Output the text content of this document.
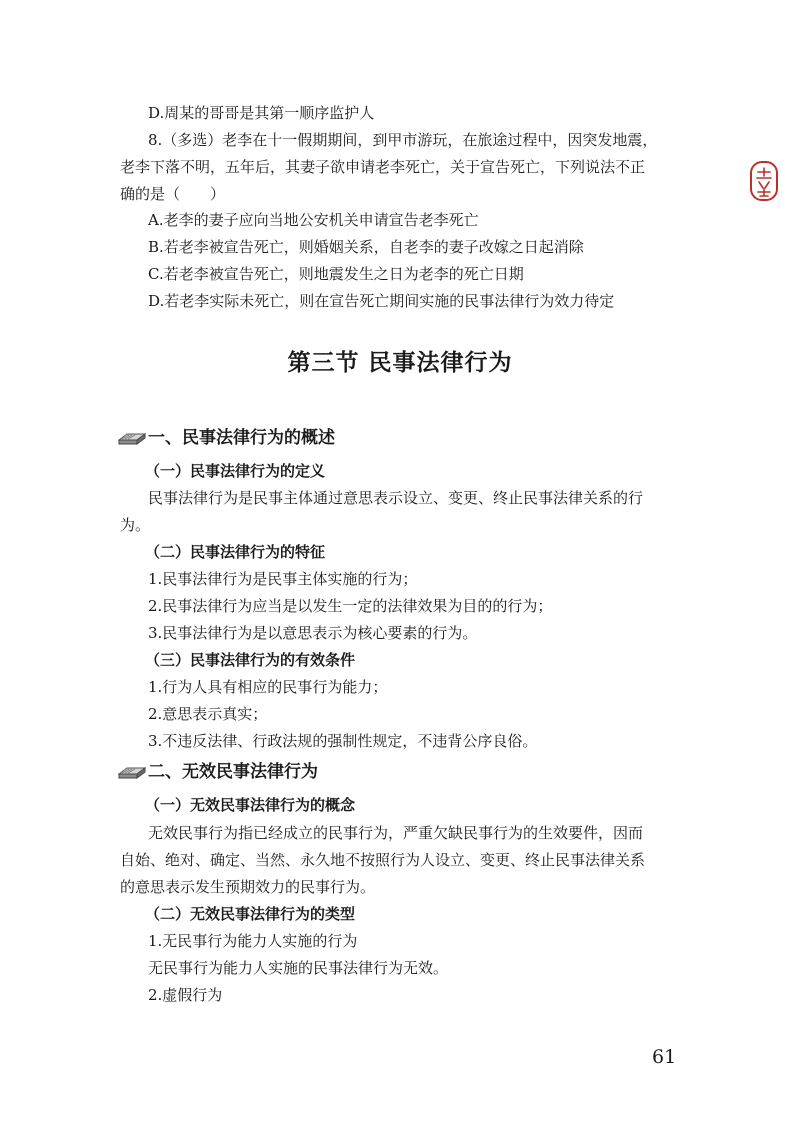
D.周某的哥哥是其第一顺序监护人
8.（多选）老李在十一假期期间，到甲市游玩，在旅途过程中，因突发地震，
老李下落不明，五年后，其妻子欲申请老李死亡，关于宣告死亡，下列说法不正
确的是（　　）
A.老李的妻子应向当地公安机关申请宣告老李死亡
B.若老李被宣告死亡，则婚姻关系，自老李的妻子改嫁之日起消除
C.若老李被宣告死亡，则地震发生之日为老李的死亡日期
D.若老李实际未死亡，则在宣告死亡期间实施的民事法律行为效力待定
第三节 民事法律行为
一、民事法律行为的概述
（一）民事法律行为的定义
民事法律行为是民事主体通过意思表示设立、变更、终止民事法律关系的行
为。
（二）民事法律行为的特征
1.民事法律行为是民事主体实施的行为；
2.民事法律行为应当是以发生一定的法律效果为目的的行为；
3.民事法律行为是以意思表示为核心要素的行为。
（三）民事法律行为的有效条件
1.行为人具有相应的民事行为能力；
2.意思表示真实；
3.不违反法律、行政法规的强制性规定，不违背公序良俗。
二、无效民事法律行为
（一）无效民事法律行为的概念
无效民事行为指已经成立的民事行为，严重欠缺民事行为的生效要件，因而
自始、绝对、确定、当然、永久地不按照行为人设立、变更、终止民事法律关系
的意思表示发生预期效力的民事行为。
（二）无效民事法律行为的类型
1.无民事行为能力人实施的行为
无民事行为能力人实施的民事法律行为无效。
2.虚假行为
61
